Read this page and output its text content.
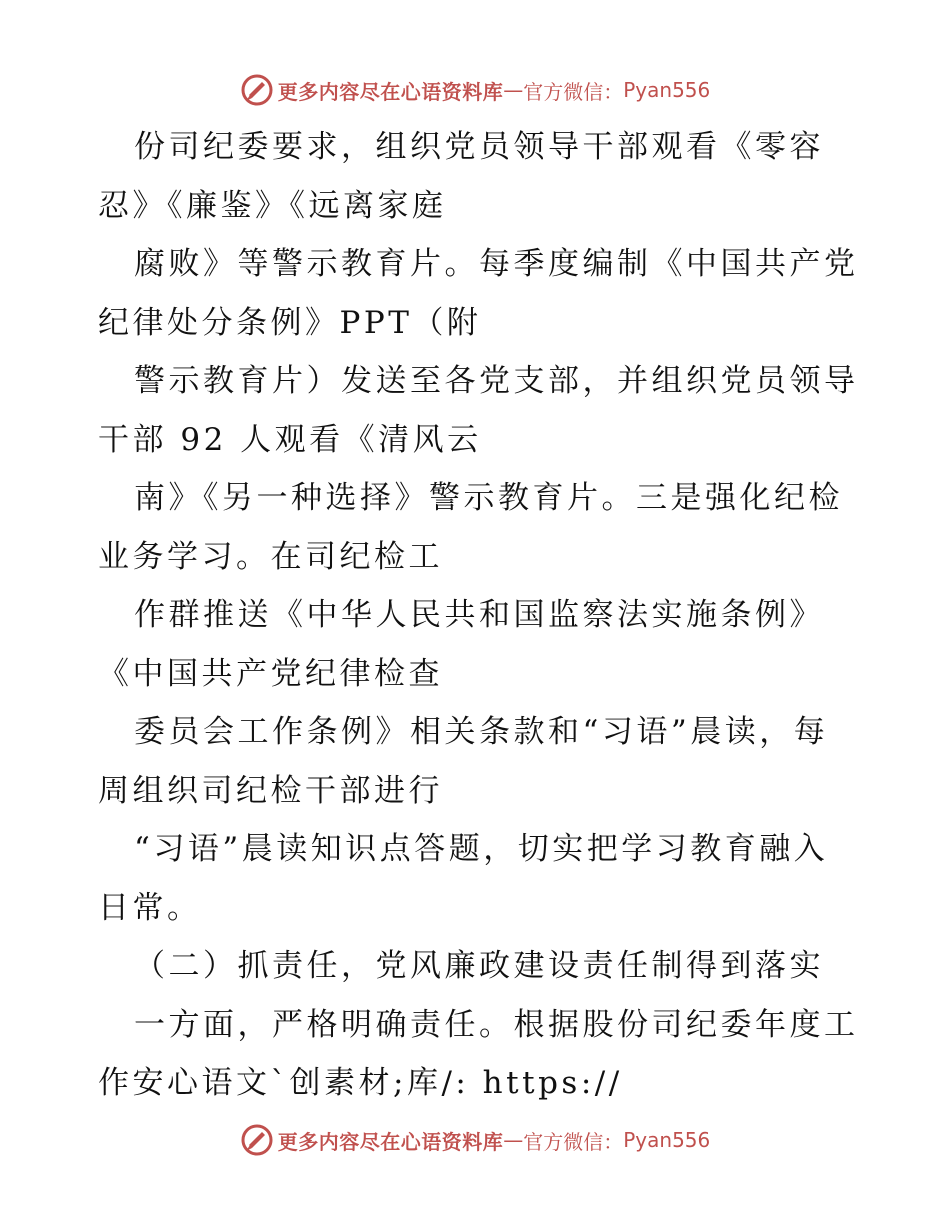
更多内容尽在心语资料库 — 官方微信： Pyan556
份司纪委要求，组织党员领导干部观看《零容
忍》《廉鉴》《远离家庭
腐败》等警示教育片。每季度编制《中国共产党
纪律处分条例》PPT（附
警示教育片）发送至各党支部，并组织党员领导
干部 92 人观看《清风云
南》《另一种选择》警示教育片。三是强化纪检
业务学习。在司纪检工
作群推送《中华人民共和国监察法实施条例》
《中国共产党纪律检查
委员会工作条例》相关条款和“习语”晨读，每
周组织司纪检干部进行
“习语”晨读知识点答题，切实把学习教育融入
日常。
（二）抓责任，党风廉政建设责任制得到落实
一方面，严格明确责任。根据股份司纪委年度工
作安心语文`创素材;库/: https://
更多内容尽在心语资料库 — 官方微信： Pyan556
